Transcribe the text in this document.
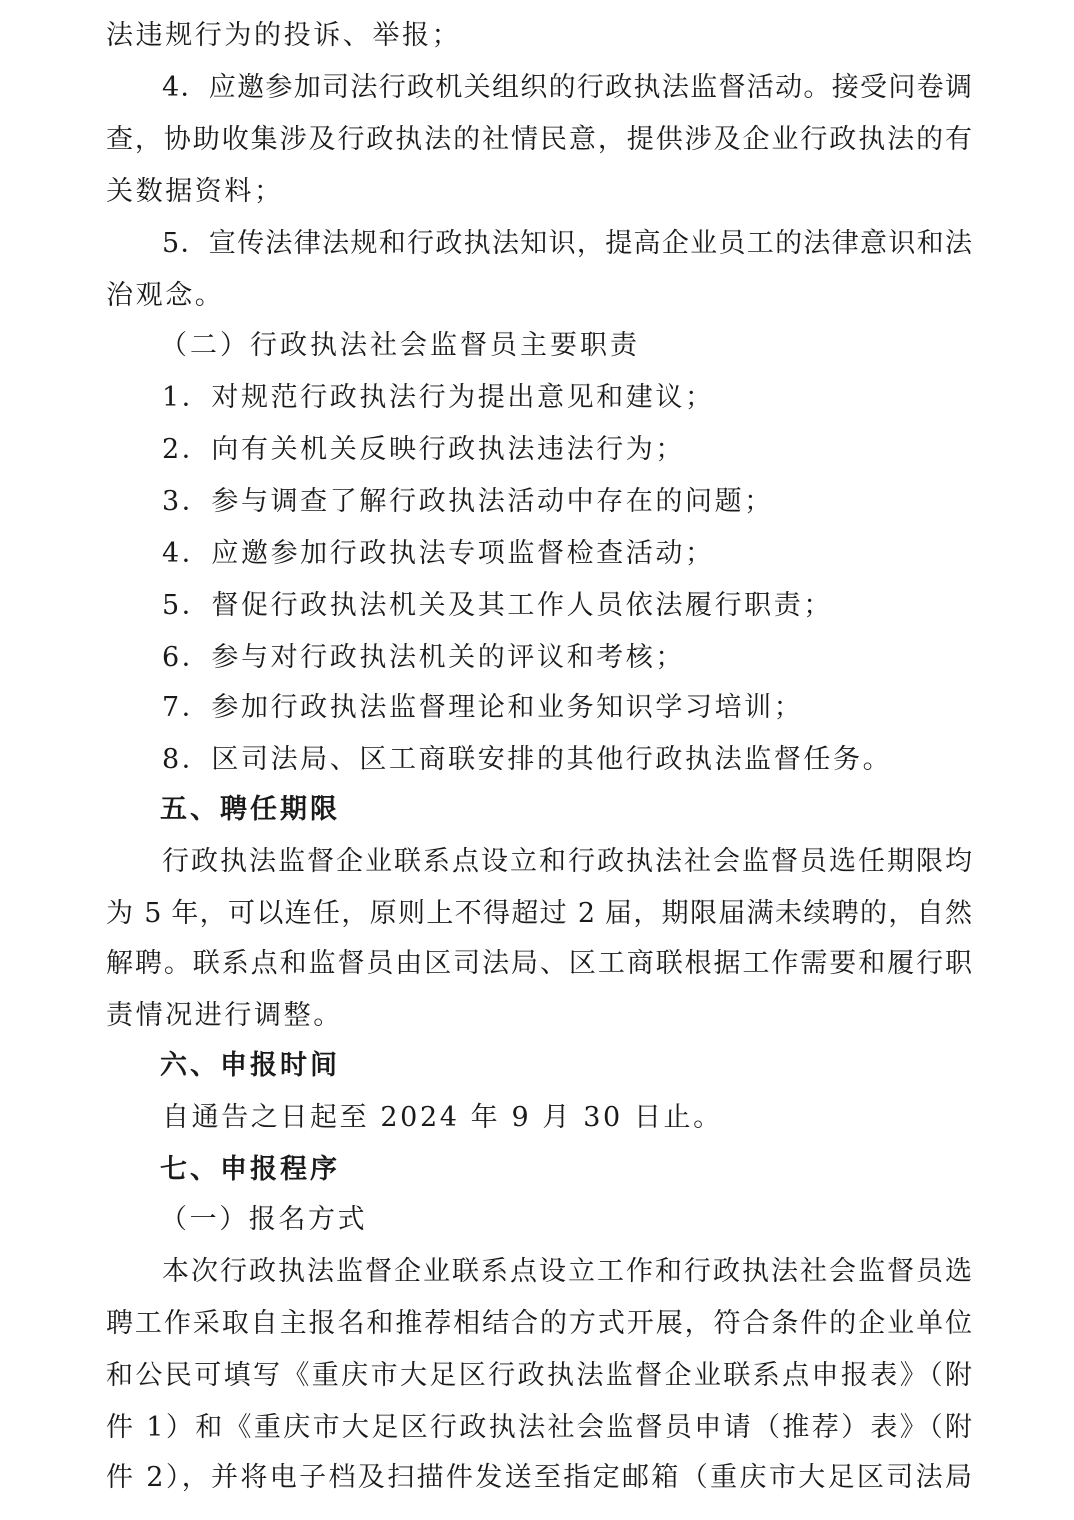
法违规行为的投诉、举报；
4．应邀参加司法行政机关组织的行政执法监督活动。接受问卷调
查，协助收集涉及行政执法的社情民意，提供涉及企业行政执法的有
关数据资料；
5．宣传法律法规和行政执法知识，提高企业员工的法律意识和法
治观念。
（二）行政执法社会监督员主要职责
1．对规范行政执法行为提出意见和建议；
2．向有关机关反映行政执法违法行为；
3．参与调查了解行政执法活动中存在的问题；
4．应邀参加行政执法专项监督检查活动；
5．督促行政执法机关及其工作人员依法履行职责；
6．参与对行政执法机关的评议和考核；
7．参加行政执法监督理论和业务知识学习培训；
8．区司法局、区工商联安排的其他行政执法监督任务。
五、聘任期限
行政执法监督企业联系点设立和行政执法社会监督员选任期限均
为 5 年，可以连任，原则上不得超过 2 届，期限届满未续聘的，自然
解聘。联系点和监督员由区司法局、区工商联根据工作需要和履行职
责情况进行调整。
六、申报时间
自通告之日起至 2024 年 9 月 30 日止。
七、申报程序
（一）报名方式
本次行政执法监督企业联系点设立工作和行政执法社会监督员选
聘工作采取自主报名和推荐相结合的方式开展，符合条件的企业单位
和公民可填写《重庆市大足区行政执法监督企业联系点申报表》（附
件 1）和《重庆市大足区行政执法社会监督员申请（推荐）表》（附
件 2），并将电子档及扫描件发送至指定邮箱（重庆市大足区司法局
